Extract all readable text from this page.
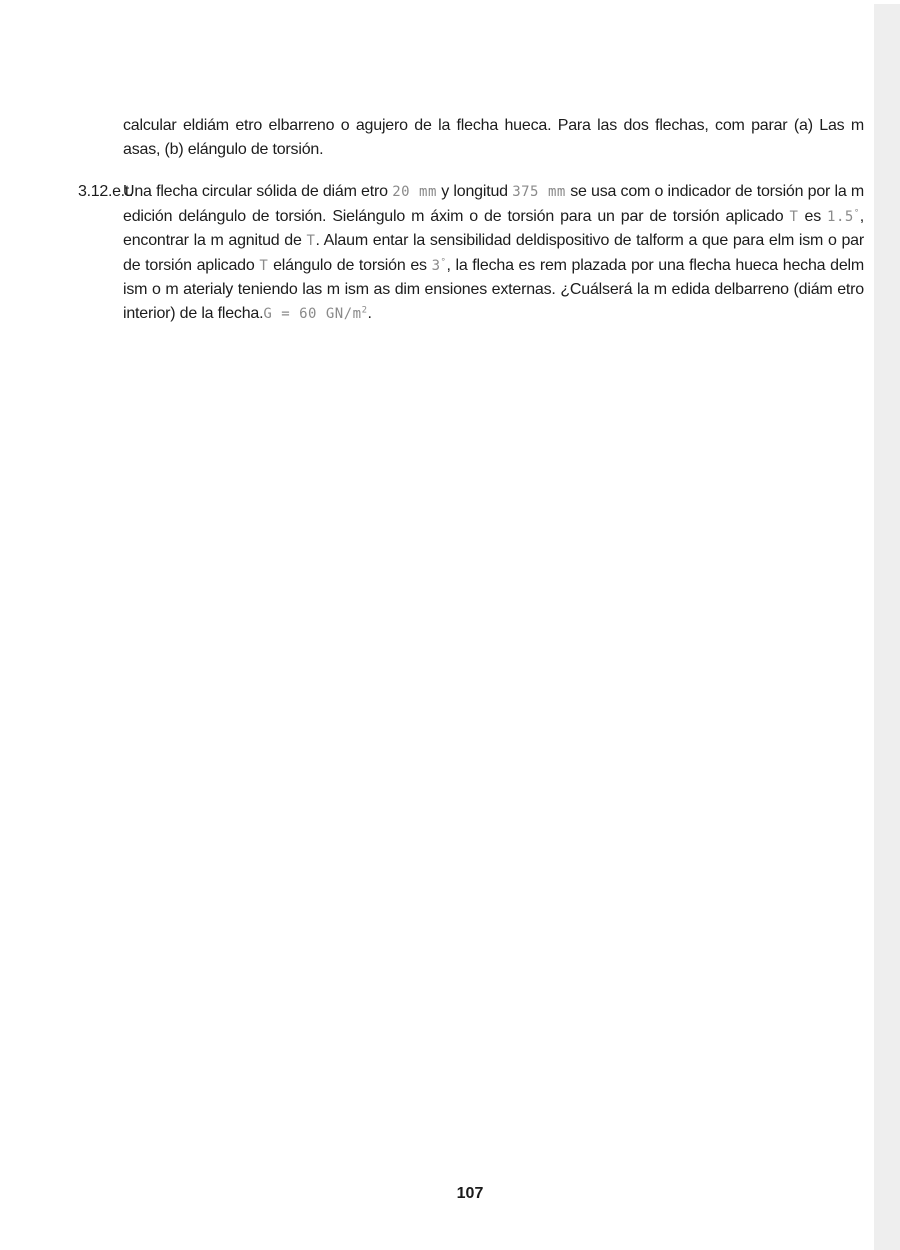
calcular eldiám etro elbarreno o agujero de la flecha hueca. Para las dos flechas, com parar (a) Las m asas, (b) elángulo de torsión.

3.12.e.t.

Una flecha circular sólida de diám etro 20 mm y longitud 375 mm se usa com o indicador de torsión por la m edición delángulo de torsión. Sielángulo m áxim o de torsión para un par de torsión aplicado T es 1.5°, encontrar la m agnitud de T. Alaum entar la sensibilidad deldispositivo de talform a que para elm ism o par de torsión aplicado T elángulo de torsión es 3°, la flecha es rem plazada por una flecha hueca hecha delm ism o m aterialy teniendo las m ism as dim ensiones externas. ¿Cuálserá la m edida delbarreno (diám etro interior) de la flecha.G = 60 $GN/m^2$.

107
